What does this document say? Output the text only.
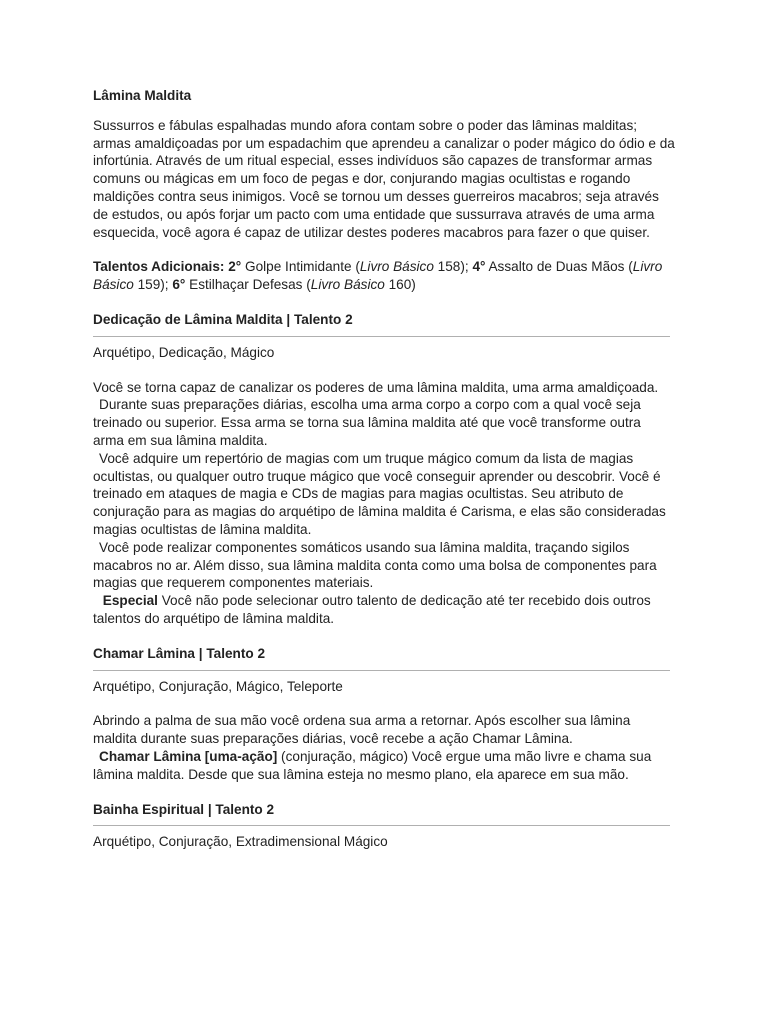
Lâmina Maldita

Sussurros e fábulas espalhadas mundo afora contam sobre o poder das lâminas malditas; armas amaldiçoadas por um espadachim que aprendeu a canalizar o poder mágico do ódio e da infortúnia. Através de um ritual especial, esses indivíduos são capazes de transformar armas comuns ou mágicas em um foco de pegas e dor, conjurando magias ocultistas e rogando maldições contra seus inimigos. Você se tornou um desses guerreiros macabros; seja através de estudos, ou após forjar um pacto com uma entidade que sussurrava através de uma arma esquecida, você agora é capaz de utilizar destes poderes macabros para fazer o que quiser.

Talentos Adicionais: 2° Golpe Intimidante (Livro Básico 158); 4° Assalto de Duas Mãos (Livro Básico 159); 6° Estilhaçar Defesas (Livro Básico 160)

Dedicação de Lâmina Maldita | Talento 2

Arquétipo, Dedicação, Mágico

Você se torna capaz de canalizar os poderes de uma lâmina maldita, uma arma amaldiçoada.

Durante suas preparações diárias, escolha uma arma corpo a corpo com a qual você seja treinado ou superior. Essa arma se torna sua lâmina maldita até que você transforme outra arma em sua lâmina maldita.

Você adquire um repertório de magias com um truque mágico comum da lista de magias ocultistas, ou qualquer outro truque mágico que você conseguir aprender ou descobrir. Você é treinado em ataques de magia e CDs de magias para magias ocultistas. Seu atributo de conjuração para as magias do arquétipo de lâmina maldita é Carisma, e elas são consideradas magias ocultistas de lâmina maldita.

Você pode realizar componentes somáticos usando sua lâmina maldita, traçando sigilos macabros no ar. Além disso, sua lâmina maldita conta como uma bolsa de componentes para magias que requerem componentes materiais.

Especial Você não pode selecionar outro talento de dedicação até ter recebido dois outros talentos do arquétipo de lâmina maldita.

Chamar Lâmina | Talento 2

Arquétipo, Conjuração, Mágico, Teleporte

Abrindo a palma de sua mão você ordena sua arma a retornar. Após escolher sua lâmina maldita durante suas preparações diárias, você recebe a ação Chamar Lâmina.

Chamar Lâmina [uma-ação] (conjuração, mágico) Você ergue uma mão livre e chama sua lâmina maldita. Desde que sua lâmina esteja no mesmo plano, ela aparece em sua mão.

Bainha Espiritual | Talento 2

Arquétipo, Conjuração, Extradimensional Mágico
